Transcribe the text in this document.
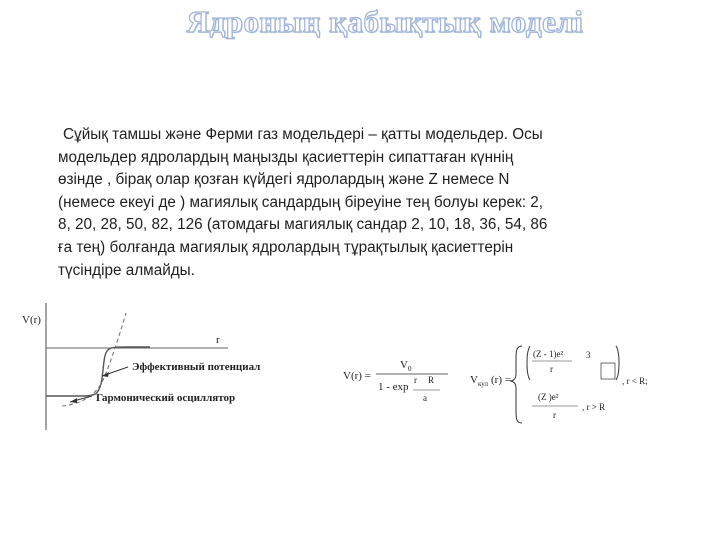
Ядроның қабықтық моделі
Сұйық тамшы және Ферми газ модельдері – қатты модельдер. Осы
модельдер ядролардың маңызды қасиеттерін сипаттаған күннің
өзінде , бірақ олар қозған күйдегі ядролардың және Z немесе N
(немесе екеуі де ) магиялық сандардың біреуіне тең болуы керек: 2,
8, 20, 28, 50, 82, 126 (атомдағы магиялық сандар 2, 10, 18, 36, 54, 86
ға тең) болғанда магиялық ядролардың тұрақтылық қасиеттерін
түсіндіре алмайды.
V(r)
r
Эффективный потенциал
Гармонический осциллятор
V(r) =
V 0
1 - exp
r R
a
V кул (r) =
(Z - 1)e²
r
3
, r < R;
(Z )e²
r
, r > R
